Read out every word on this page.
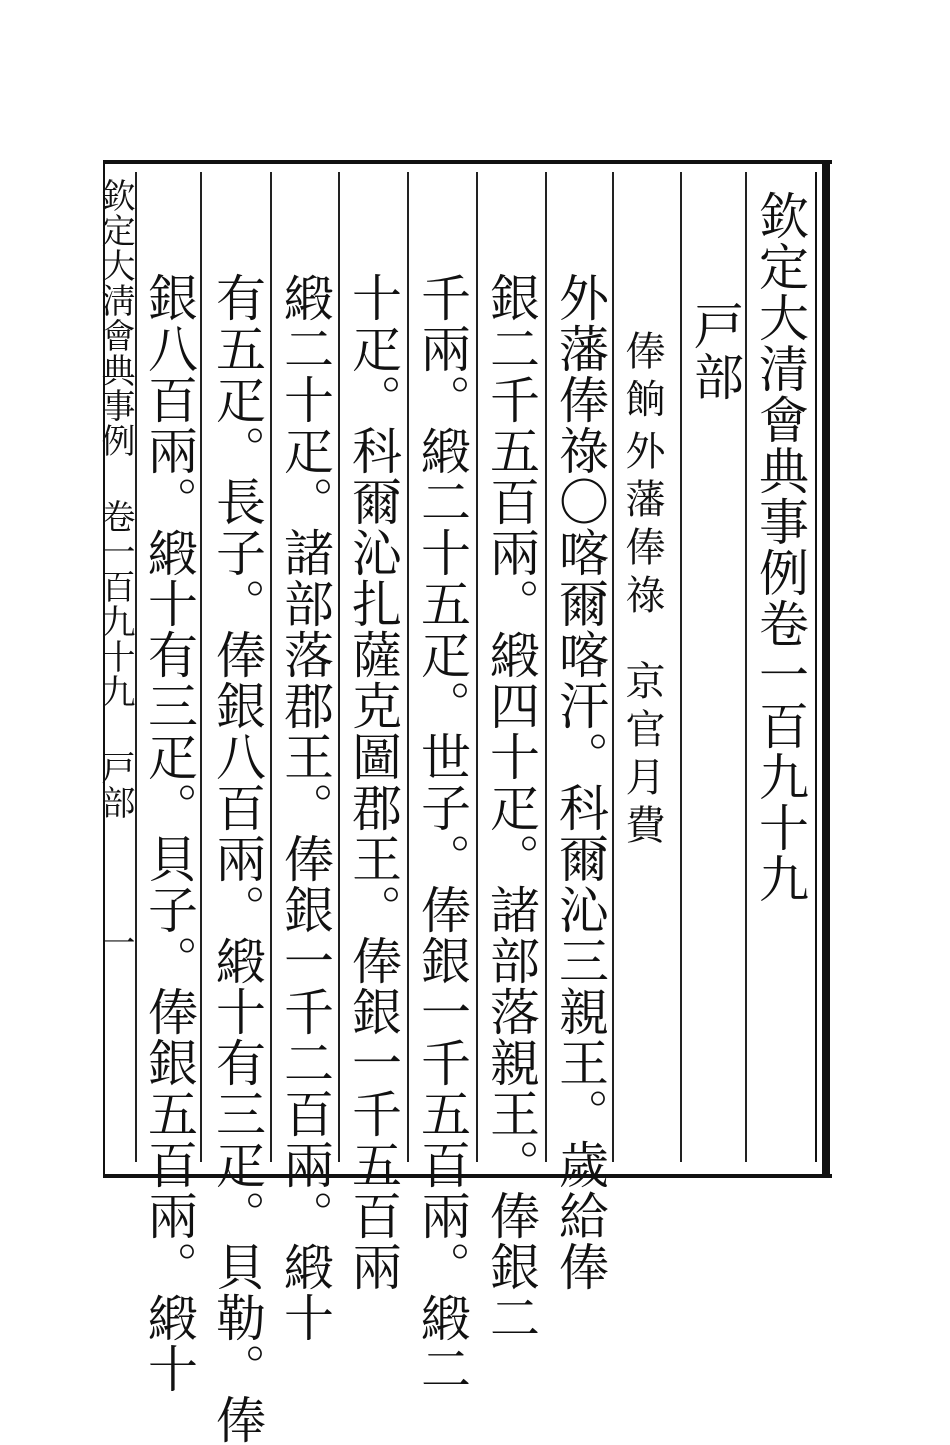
欽定大清會典事例卷一百九十九
戸部
俸餉
外藩俸祿
京官月費
外藩俸祿〇喀爾喀汗。科爾沁三親王。歲給俸
銀二千五百兩。緞四十疋。諸部落親王。俸銀二
千兩。緞二十五疋。世子。俸銀一千五百兩。緞二
十疋。科爾沁扎薩克圖郡王。俸銀一千五百兩
緞二十疋。諸部落郡王。俸銀一千二百兩。緞十
有五疋。長子。俸銀八百兩。緞十有三疋。貝勒。俸
銀八百兩。緞十有三疋。貝子。俸銀五百兩。緞十
欽定大淸會典事例 卷一百九十九 戸部
一
